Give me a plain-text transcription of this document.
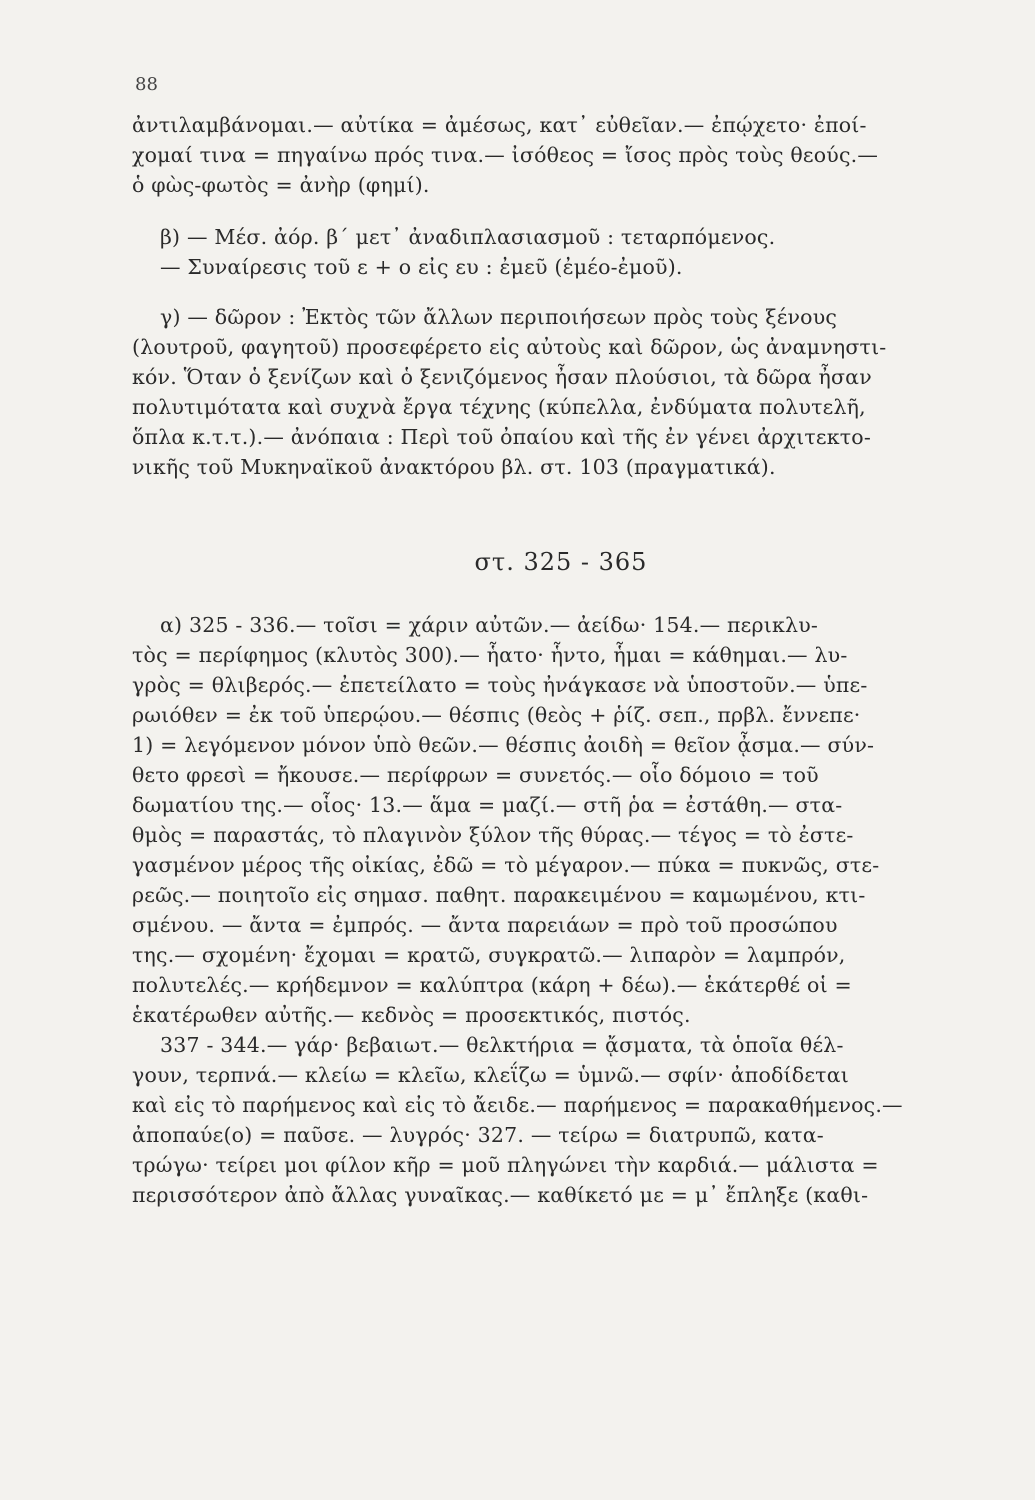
88
ἀντιλαμβάνομαι.— αὐτίκα = ἀμέσως, κατ᾽ εὐθεῖαν.— ἐπῴχετο· ἐποί-
χομαί τινα = πηγαίνω πρός τινα.— ἰσόθεος = ἴσος πρὸς τοὺς θεούς.—
ὁ φὼς-φωτὸς = ἀνὴρ (φημί).
β) — Μέσ. ἀόρ. β΄ μετ᾽ ἀναδιπλασιασμοῦ : τεταρπόμενος.
— Συναίρεσις τοῦ ε + ο εἰς ευ : ἐμεῦ (ἐμέο-ἐμοῦ).
γ) — δῶρον : Ἐκτὸς τῶν ἄλλων περιποιήσεων πρὸς τοὺς ξένους
(λουτροῦ, φαγητοῦ) προσεφέρετο εἰς αὐτοὺς καὶ δῶρον, ὡς ἀναμνηστι-
κόν. Ὅταν ὁ ξενίζων καὶ ὁ ξενιζόμενος ἦσαν πλούσιοι, τὰ δῶρα ἦσαν
πολυτιμότατα καὶ συχνὰ ἔργα τέχνης (κύπελλα, ἐνδύματα πολυτελῆ,
ὅπλα κ.τ.τ.).— ἀνόπαια : Περὶ τοῦ ὀπαίου καὶ τῆς ἐν γένει ἀρχιτεκτο-
νικῆς τοῦ Μυκηναϊκοῦ ἀνακτόρου βλ. στ. 103 (πραγματικά).
στ. 325 - 365
α) 325 - 336.— τοῖσι = χάριν αὐτῶν.— ἀείδω· 154.— περικλυ-
τὸς = περίφημος (κλυτὸς 300).— ἧατο· ἧντο, ἧμαι = κάθημαι.— λυ-
γρὸς = θλιβερός.— ἐπετείλατο = τοὺς ἠνάγκασε νὰ ὑποστοῦν.— ὑπε-
ρωιόθεν = ἐκ τοῦ ὑπερῴου.— θέσπις (θεὸς + ῥίζ. σεπ., πρβλ. ἔννεπε·
1) = λεγόμενον μόνον ὑπὸ θεῶν.— θέσπις ἀοιδὴ = θεῖον ᾆσμα.— σύν-
θετο φρεσὶ = ἤκουσε.— περίφρων = συνετός.— οἷο δόμοιο = τοῦ
δωματίου της.— οἷος· 13.— ἅμα = μαζί.— στῆ ῥα = ἐστάθη.— στα-
θμὸς = παραστάς, τὸ πλαγινὸν ξύλον τῆς θύρας.— τέγος = τὸ ἐστε-
γασμένον μέρος τῆς οἰκίας, ἐδῶ = τὸ μέγαρον.— πύκα = πυκνῶς, στε-
ρεῶς.— ποιητοῖο εἰς σημασ. παθητ. παρακειμένου = καμωμένου, κτι-
σμένου. — ἄντα = ἐμπρός. — ἄντα παρειάων = πρὸ τοῦ προσώπου
της.— σχομένη· ἔχομαι = κρατῶ, συγκρατῶ.— λιπαρὸν = λαμπρόν,
πολυτελές.— κρήδεμνον = καλύπτρα (κάρη + δέω).— ἑκάτερθέ οἱ =
ἑκατέρωθεν αὐτῆς.— κεδνὸς = προσεκτικός, πιστός.
337 - 344.— γάρ· βεβαιωτ.— θελκτήρια = ᾄσματα, τὰ ὁποῖα θέλ-
γουν, τερπνά.— κλείω = κλεῖω, κλεΐζω = ὑμνῶ.— σφίν· ἀποδίδεται
καὶ εἰς τὸ παρήμενος καὶ εἰς τὸ ἄειδε.— παρήμενος = παρακαθήμενος.—
ἀποπαύε(ο) = παῦσε. — λυγρός· 327. — τείρω = διατρυπῶ, κατα-
τρώγω· τείρει μοι φίλον κῆρ = μοῦ πληγώνει τὴν καρδιά.— μάλιστα =
περισσότερον ἀπὸ ἄλλας γυναῖκας.— καθίκετό με = μ᾽ ἔπληξε (καθι-
